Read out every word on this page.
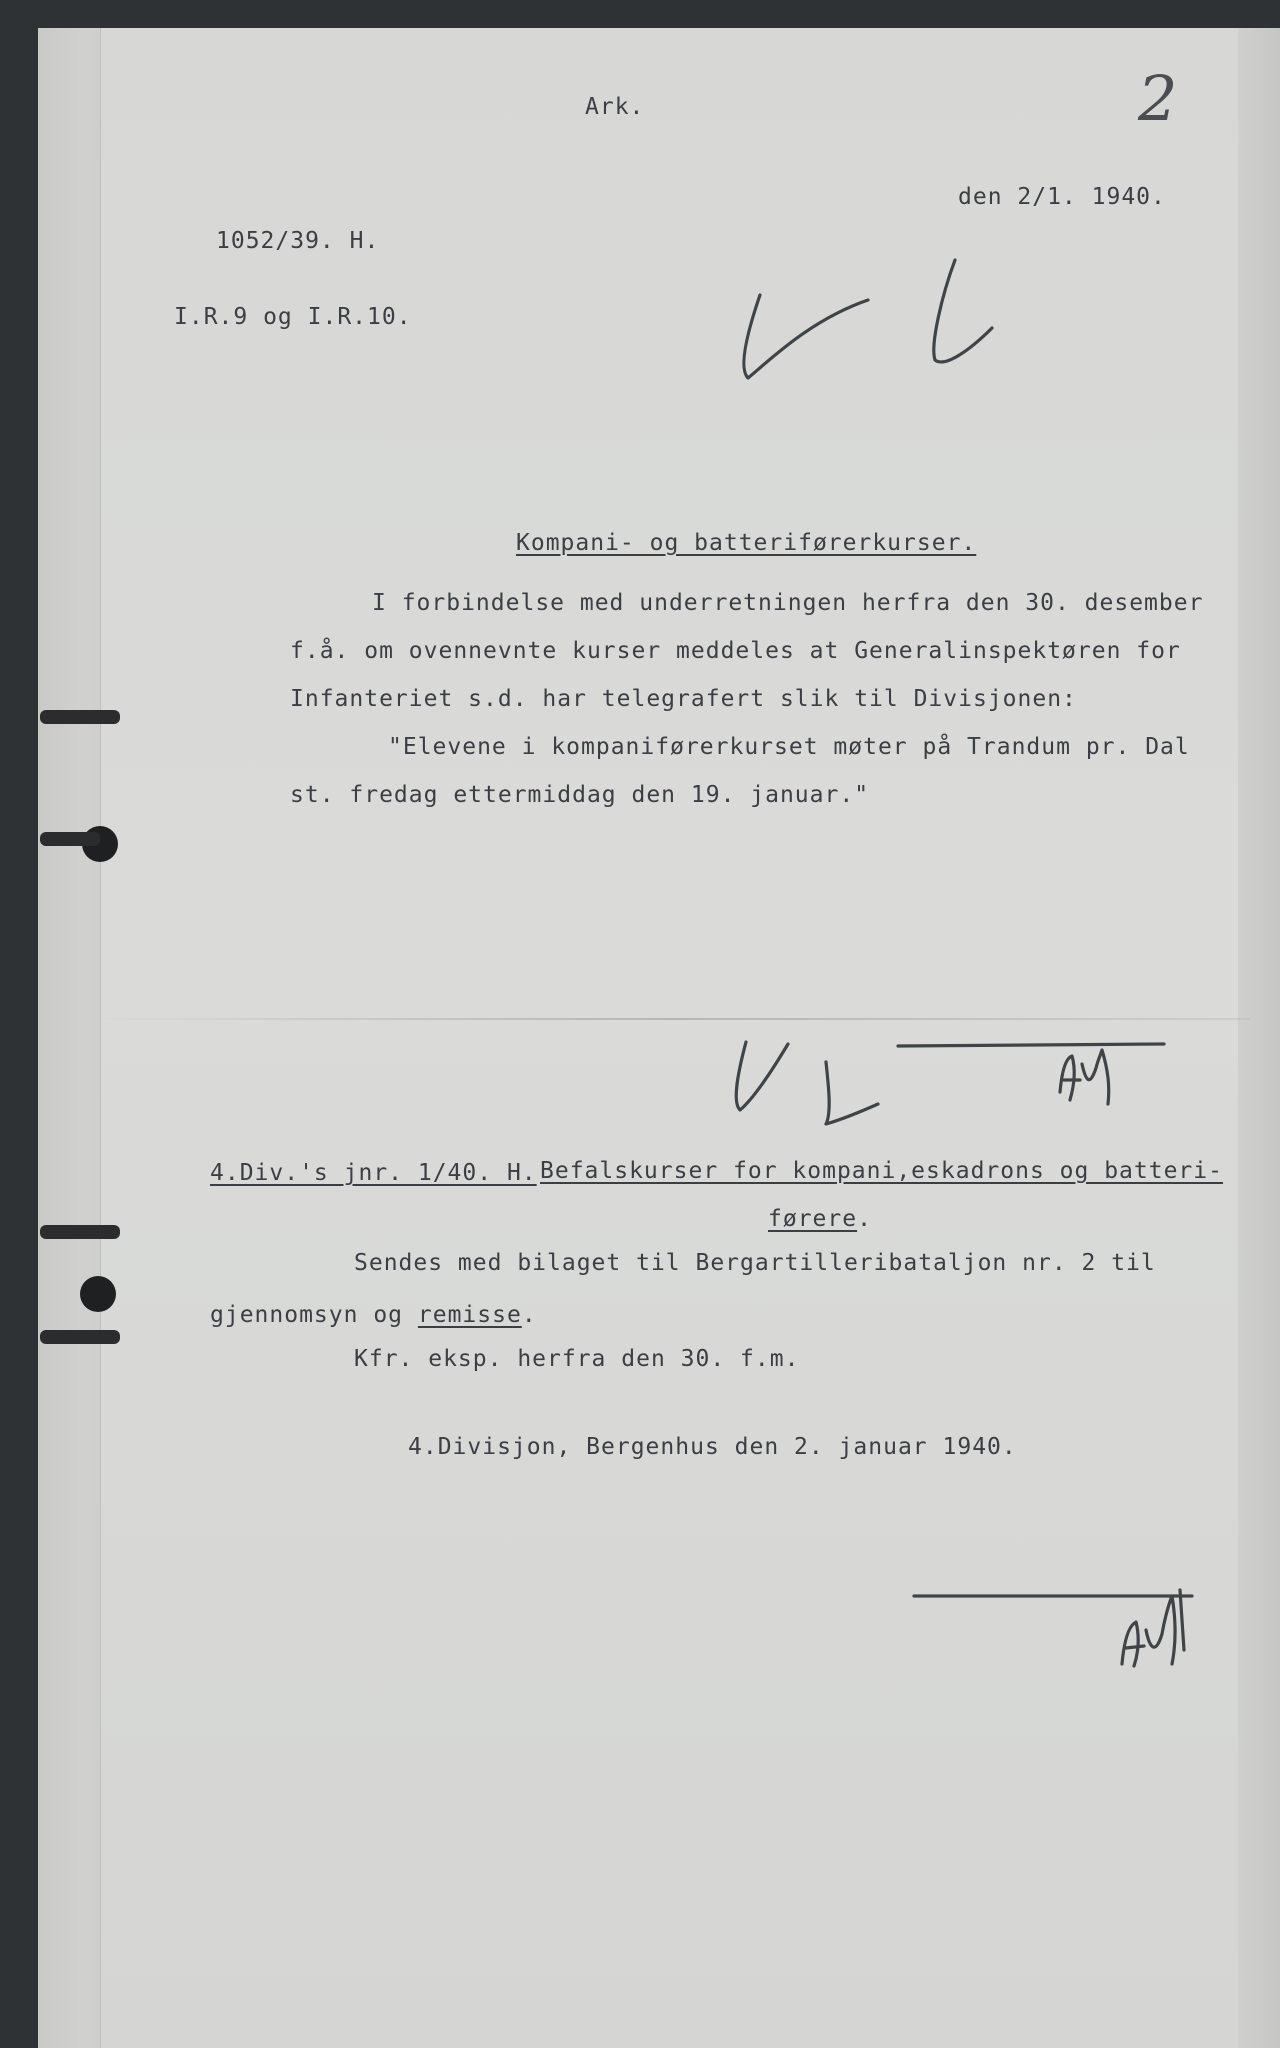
Ark.	2

den 2/1. 1940.

1052/39. H.

I.R.9 og I.R.10.

Kompani- og batteriførerkurser.

I forbindelse med underretningen herfra den 30. desember

f.å. om ovennevnte kurser meddeles at Generalinspektøren for

Infanteriet s.d. har telegrafert slik til Divisjonen:

"Elevene i kompaniførerkurset møter på Trandum pr. Dal

st. fredag ettermiddag den 19. januar."

4.Div.'s jnr. 1/40. H. Befalskurser for kompani,eskadrons og batteri-

førere.

Sendes med bilaget til Bergartilleribataljon nr. 2 til

gjennomsyn og remisse.

Kfr. eksp. herfra den 30. f.m.

4.Divisjon, Bergenhus den 2. januar 1940.
